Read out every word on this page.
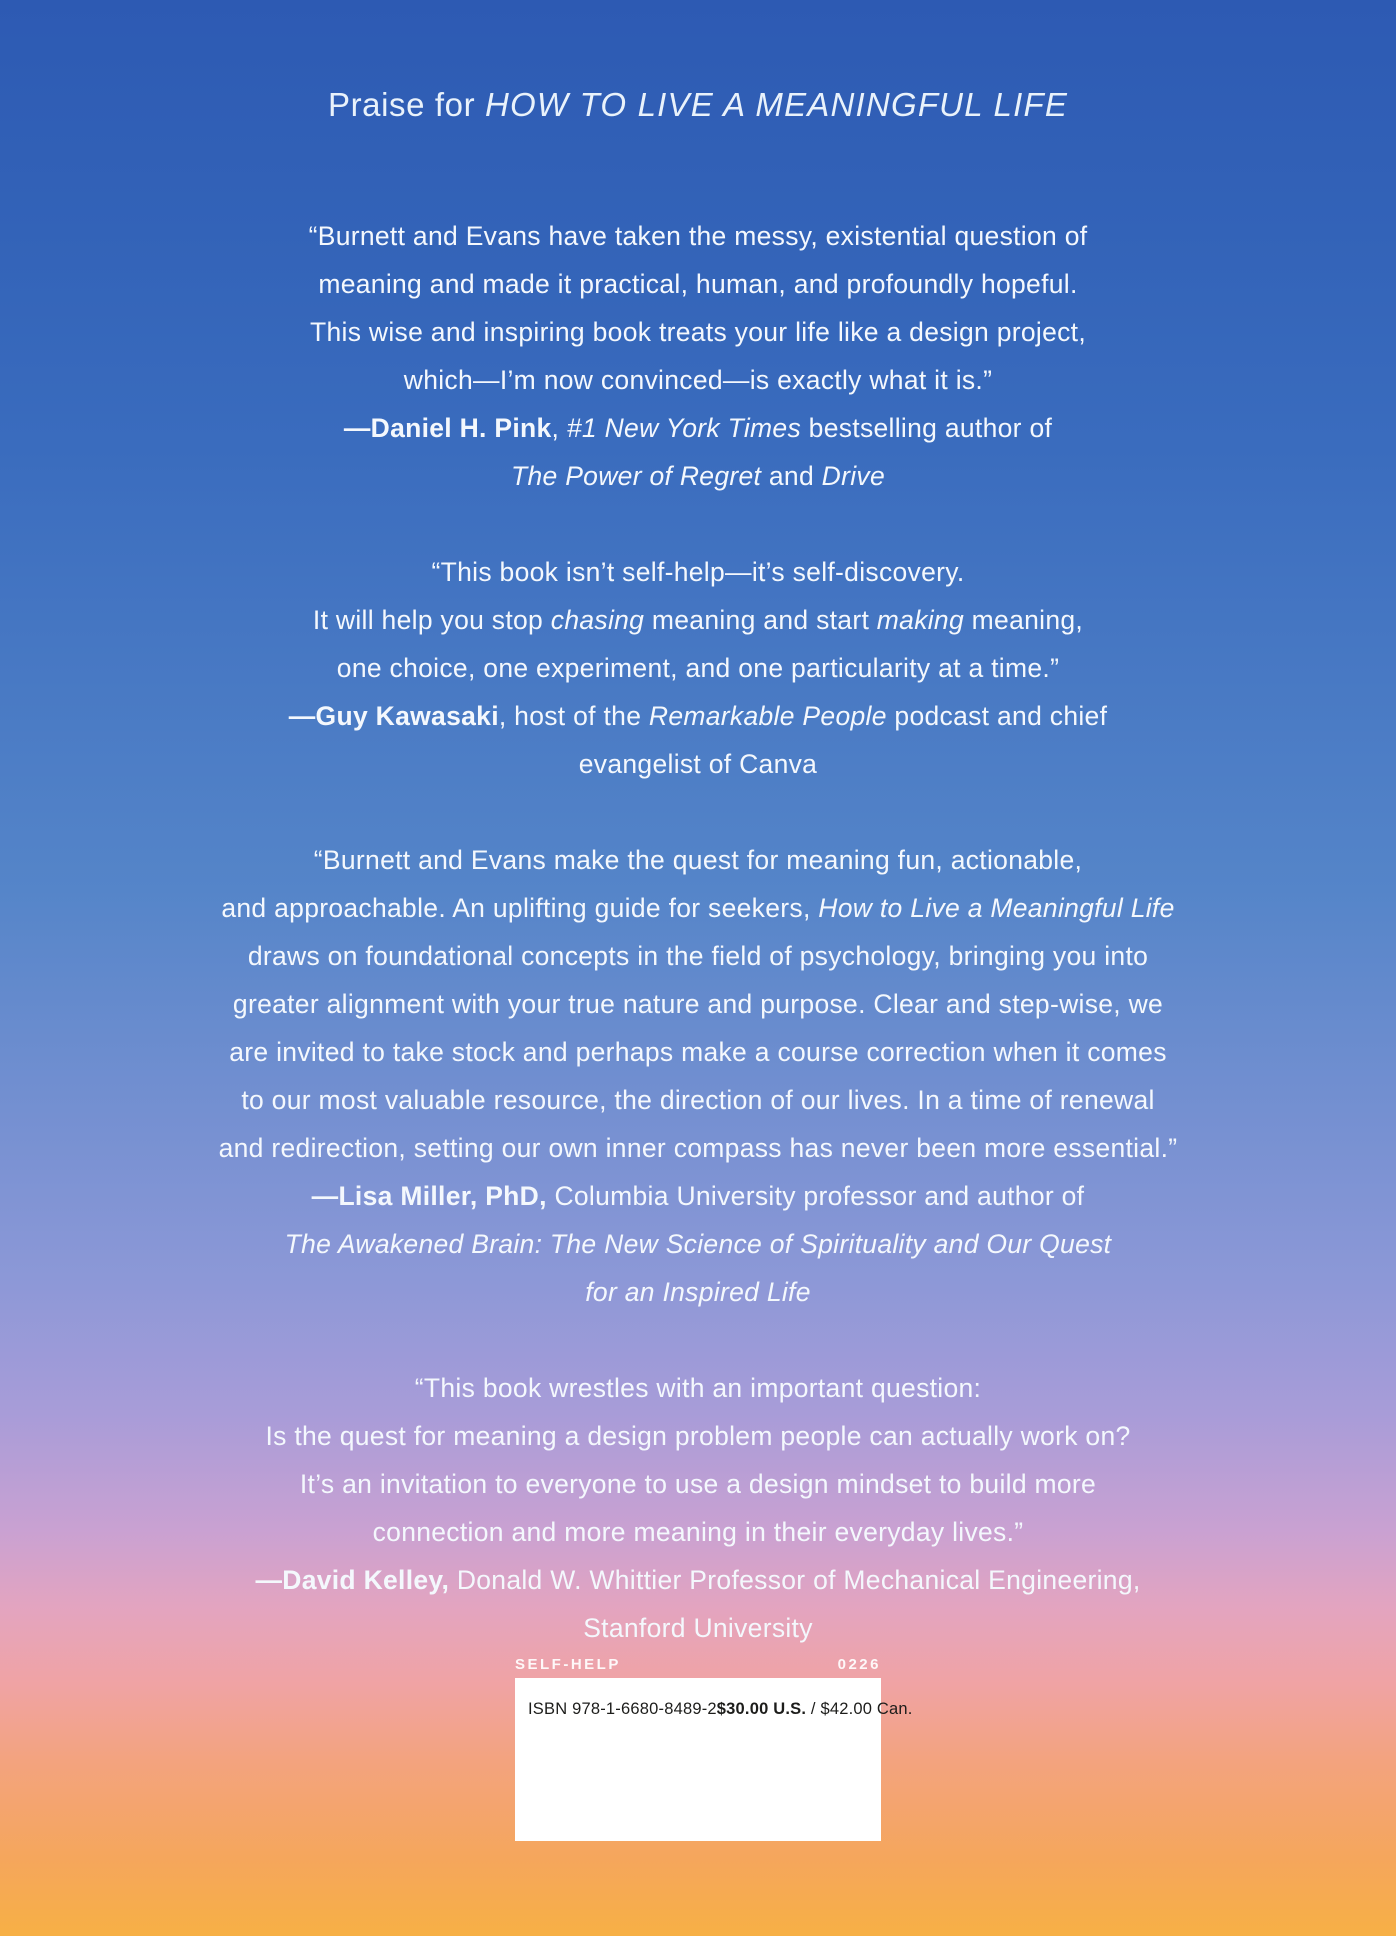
Praise for HOW TO LIVE A MEANINGFUL LIFE
“Burnett and Evans have taken the messy, existential question of
meaning and made it practical, human, and profoundly hopeful.
This wise and inspiring book treats your life like a design project,
which—I’m now convinced—is exactly what it is.”
—Daniel H. Pink, #1 New York Times bestselling author of
The Power of Regret and Drive
“This book isn’t self-help—it’s self-discovery.
It will help you stop chasing meaning and start making meaning,
one choice, one experiment, and one particularity at a time.”
—Guy Kawasaki, host of the Remarkable People podcast and chief
evangelist of Canva
“Burnett and Evans make the quest for meaning fun, actionable,
and approachable. An uplifting guide for seekers, How to Live a Meaningful Life
draws on foundational concepts in the field of psychology, bringing you into
greater alignment with your true nature and purpose. Clear and step-wise, we
are invited to take stock and perhaps make a course correction when it comes
to our most valuable resource, the direction of our lives. In a time of renewal
and redirection, setting our own inner compass has never been more essential.”
—Lisa Miller, PhD, Columbia University professor and author of
The Awakened Brain: The New Science of Spirituality and Our Quest
for an Inspired Life
“This book wrestles with an important question:
Is the quest for meaning a design problem people can actually work on?
It’s an invitation to everyone to use a design mindset to build more
connection and more meaning in their everyday lives.”
—David Kelley, Donald W. Whittier Professor of Mechanical Engineering,
Stanford University
SELF-HELP	0226
ISBN 978-1-6680-8489-2 $30.00 U.S. / $42.00 Can.
